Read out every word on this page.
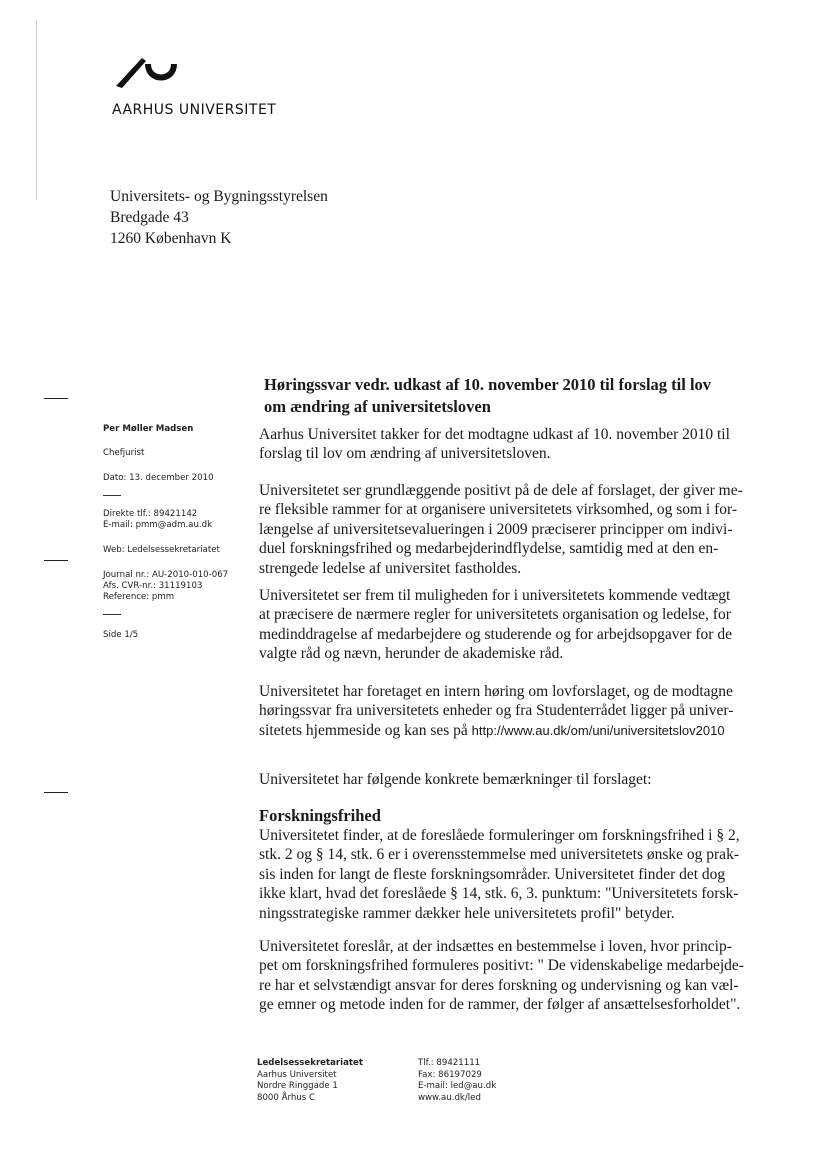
AARHUS UNIVERSITET
Universitets- og Bygningsstyrelsen
Bredgade 43
1260 København K
Høringssvar vedr. udkast af 10. november 2010 til forslag til lov
om ændring af universitetsloven
Per Møller Madsen
Chefjurist
Dato: 13. december 2010
Direkte tlf.: 89421142
E-mail: pmm@adm.au.dk
Web: Ledelsessekretariatet
Journal nr.: AU-2010-010-067
Afs. CVR-nr.: 31119103
Reference: pmm
Side 1/5
Aarhus Universitet takker for det modtagne udkast af 10. november 2010 til
forslag til lov om ændring af universitetsloven.
Universitetet ser grundlæggende positivt på de dele af forslaget, der giver me-
re fleksible rammer for at organisere universitetets virksomhed, og som i for-
længelse af universitetsevalueringen i 2009 præciserer principper om indivi-
duel forskningsfrihed og medarbejderindflydelse, samtidig med at den en-
strengede ledelse af universitet fastholdes.
Universitetet ser frem til muligheden for i universitetets kommende vedtægt
at præcisere de nærmere regler for universitetets organisation og ledelse, for
medinddragelse af medarbejdere og studerende og for arbejdsopgaver for de
valgte råd og nævn, herunder de akademiske råd.
Universitetet har foretaget en intern høring om lovforslaget, og de modtagne
høringssvar fra universitetets enheder og fra Studenterrådet ligger på univer-
sitetets hjemmeside og kan ses på http://www.au.dk/om/uni/universitetslov2010
Universitetet har følgende konkrete bemærkninger til forslaget:
Forskningsfrihed
Universitetet finder, at de foreslåede formuleringer om forskningsfrihed i § 2,
stk. 2 og § 14, stk. 6 er i overensstemmelse med universitetets ønske og prak-
sis inden for langt de fleste forskningsområder. Universitetet finder det dog
ikke klart, hvad det foreslåede § 14, stk. 6, 3. punktum: "Universitetets forsk-
ningsstrategiske rammer dækker hele universitetets profil" betyder.
Universitetet foreslår, at der indsættes en bestemmelse i loven, hvor princip-
pet om forskningsfrihed formuleres positivt: " De videnskabelige medarbejde-
re har et selvstændigt ansvar for deres forskning og undervisning og kan væl-
ge emner og metode inden for de rammer, der følger af ansættelsesforholdet".
Ledelsessekretariatet
Aarhus Universitet
Nordre Ringgade 1
8000 Århus C
Tlf.: 89421111
Fax: 86197029
E-mail: led@au.dk
www.au.dk/led
